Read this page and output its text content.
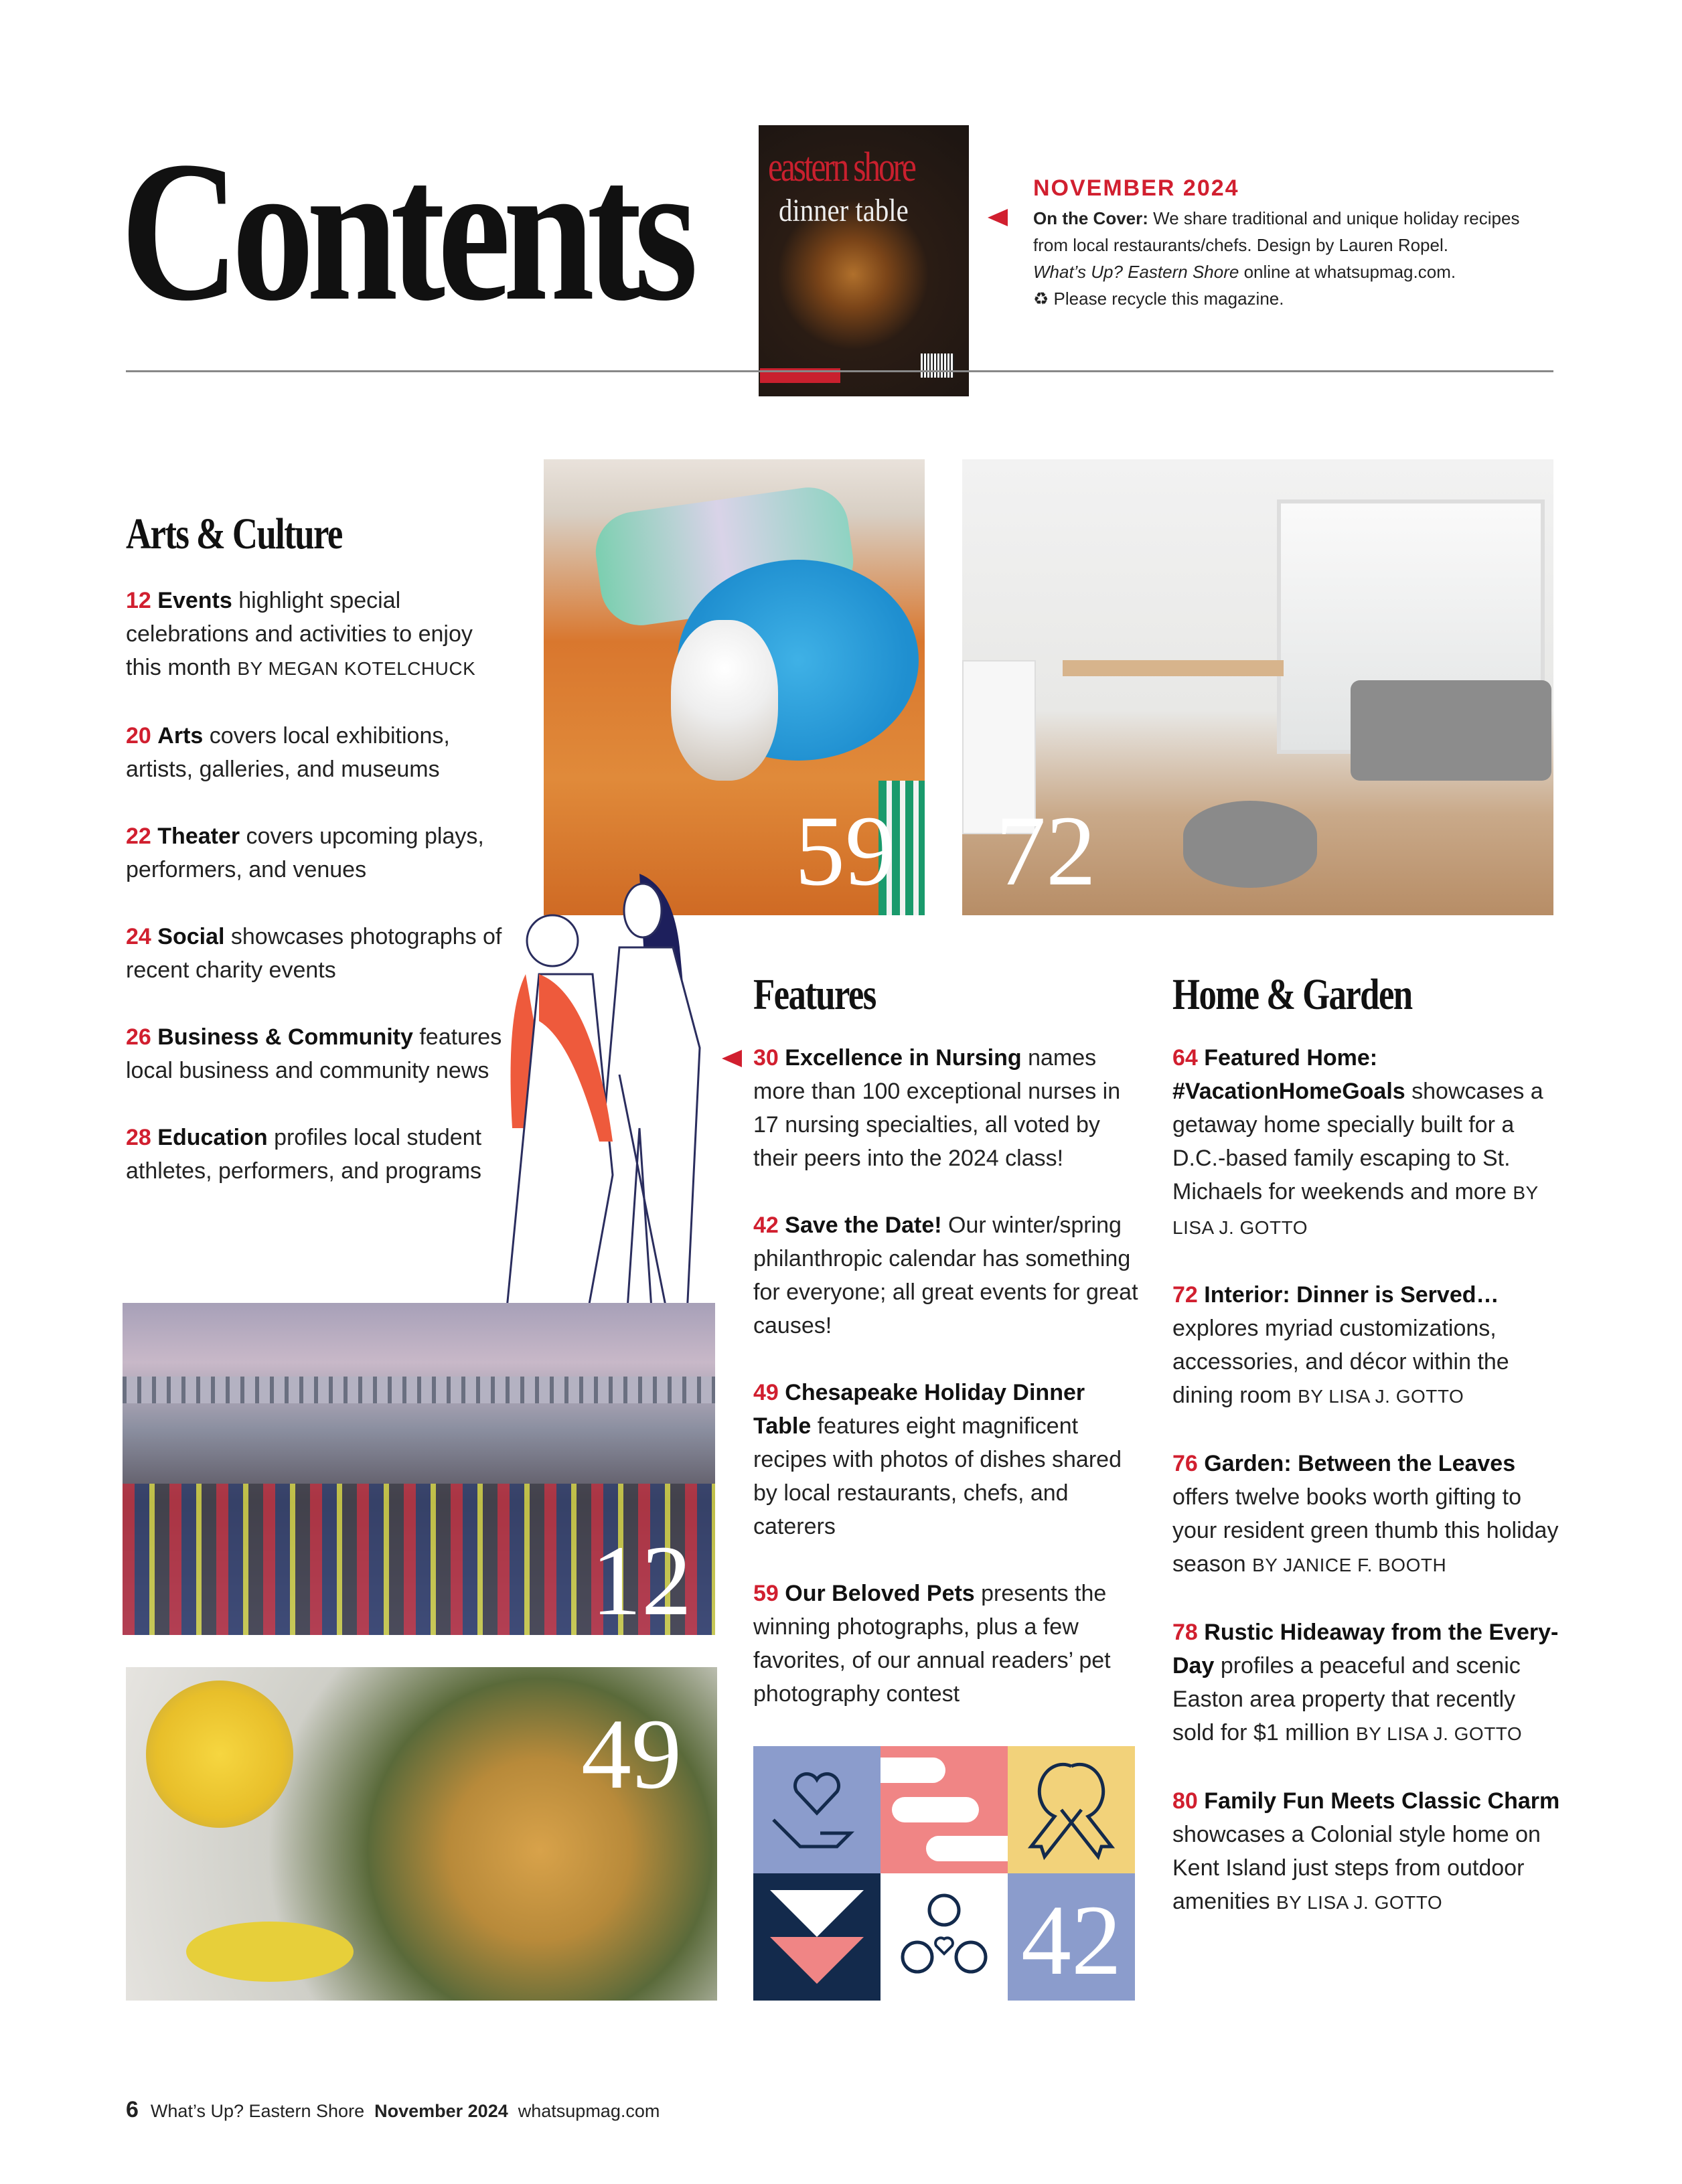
Contents eastern shore
dinner table
NOVEMBER 2024
On the Cover: We share traditional and unique holiday recipes from local restaurants/chefs. Design by Lauren Ropel.
What’s Up? Eastern Shore online at whatsupmag.com.
♻ Please recycle this magazine.
59 72
12
49
42
Arts & Culture
12 Events highlight special celebrations and activities to enjoy this month BY MEGAN KOTELCHUCK
20 Arts covers local exhibitions, artists, galleries, and museums
22 Theater covers upcoming plays, performers, and venues
24 Social showcases photographs of recent charity events
26 Business & Community features local business and community news
28 Education profiles local student athletes, performers, and programs
Features
30 Excellence in Nursing names more than 100 exceptional nurses in 17 nursing specialties, all voted by their peers into the 2024 class!
42 Save the Date! Our winter/spring philanthropic calendar has something for everyone; all great events for great causes!
49 Chesapeake Holiday Dinner Table features eight magnificent recipes with photos of dishes shared by local restaurants, chefs, and caterers
59 Our Beloved Pets presents the winning photographs, plus a few favorites, of our annual readers’ pet photography contest
Home & Garden
64 Featured Home: #VacationHomeGoals showcases a getaway home specially built for a D.C.-based family escaping to St. Michaels for weekends and more BY LISA J. GOTTO
72 Interior: Dinner is Served… explores myriad customizations, accessories, and décor within the dining room BY LISA J. GOTTO
76 Garden: Between the Leaves offers twelve books worth gifting to your resident green thumb this holiday season BY JANICE F. BOOTH
78 Rustic Hideaway from the Every-Day profiles a peaceful and scenic Easton area property that recently sold for $1 million BY LISA J. GOTTO
80 Family Fun Meets Classic Charm showcases a Colonial style home on Kent Island just steps from outdoor amenities BY LISA J. GOTTO
6 What’s Up? Eastern Shore November 2024 whatsupmag.com
